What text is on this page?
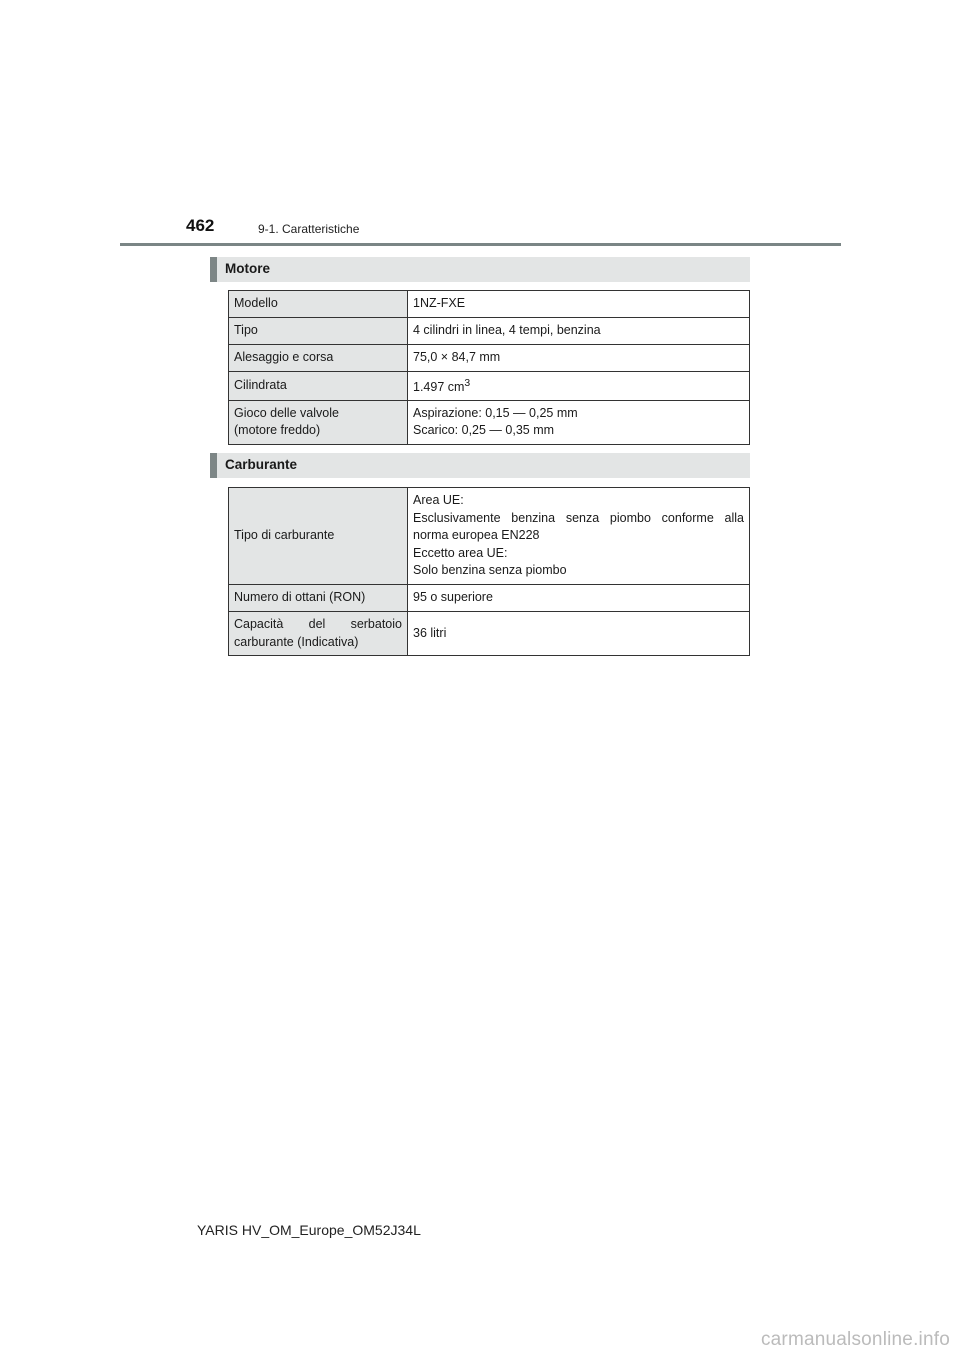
462	9-1. Caratteristiche
Motore
Modello	1NZ-FXE
Tipo	4 cilindri in linea, 4 tempi, benzina
Alesaggio e corsa	75,0 × 84,7 mm
Cilindrata	1.497 $cm^3$
Gioco delle valvole
(motore freddo)	Aspirazione: 0,15 — 0,25 mm
Scarico: 0,25 — 0,35 mm
Carburante
Tipo di carburante	Area UE:
Esclusivamente benzina senza piombo conforme alla norma europea EN228
Eccetto area UE:
Solo benzina senza piombo
Numero di ottani (RON)	95 o superiore
Capacità del serbatoio carburante (Indicativa)	36 litri
YARIS HV_OM_Europe_OM52J34L
carmanualsonline.info
